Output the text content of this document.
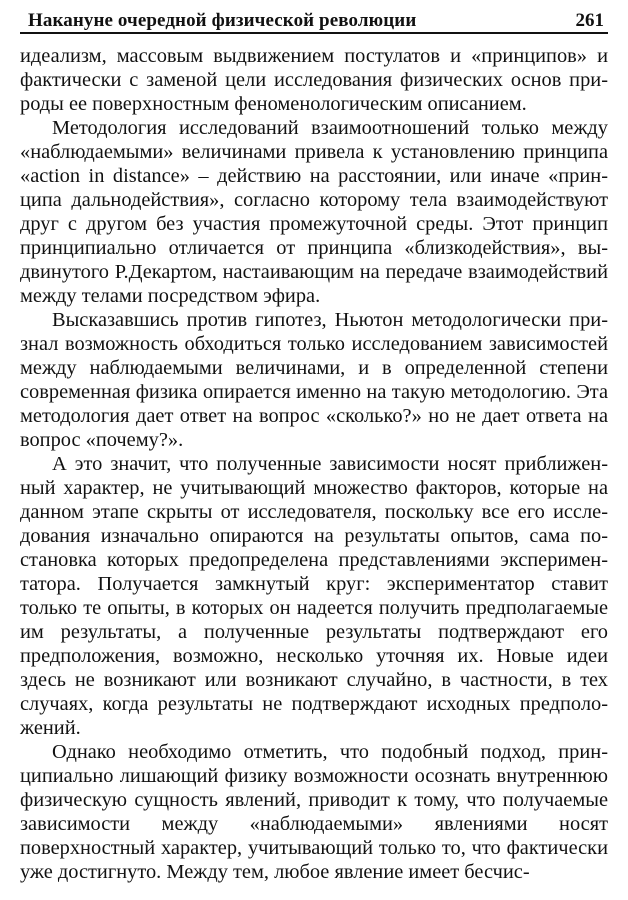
Накануне очередной физической революции	261

идеализм, массовым выдвижением постулатов и «принципов» и фактически с заменой цели исследования физических основ природы ее поверхностным феноменологическим описанием.

Методология исследований взаимоотношений только между «наблюдаемыми» величинами привела к установлению принципа «action in distance» – действию на расстоянии, или иначе «принципа дальнодействия», согласно которому тела взаимодействуют друг с другом без участия промежуточной среды. Этот принцип принципиально отличается от принципа «близкодействия», выдвинутого Р.Декартом, настаивающим на передаче взаимодействий между телами посредством эфира.

Высказавшись против гипотез, Ньютон методологически признал возможность обходиться только исследованием зависимостей между наблюдаемыми величинами, и в определенной степени современная физика опирается именно на такую методологию. Эта методология дает ответ на вопрос «сколько?» но не дает ответа на вопрос «почему?».

А это значит, что полученные зависимости носят приближенный характер, не учитывающий множество факторов, которые на данном этапе скрыты от исследователя, поскольку все его исследования изначально опираются на результаты опытов, сама постановка которых предопределена представлениями экспериментатора. Получается замкнутый круг: экспериментатор ставит только те опыты, в которых он надеется получить предполагаемые им результаты, а полученные результаты подтверждают его предположения, возможно, несколько уточняя их. Новые идеи здесь не возникают или возникают случайно, в частности, в тех случаях, когда результаты не подтверждают исходных предположений.

Однако необходимо отметить, что подобный подход, принципиально лишающий физику возможности осознать внутреннюю физическую сущность явлений, приводит к тому, что получаемые зависимости между «наблюдаемыми» явлениями носят поверхностный характер, учитывающий только то, что фактически уже достигнуто. Между тем, любое явление имеет бесчис-
